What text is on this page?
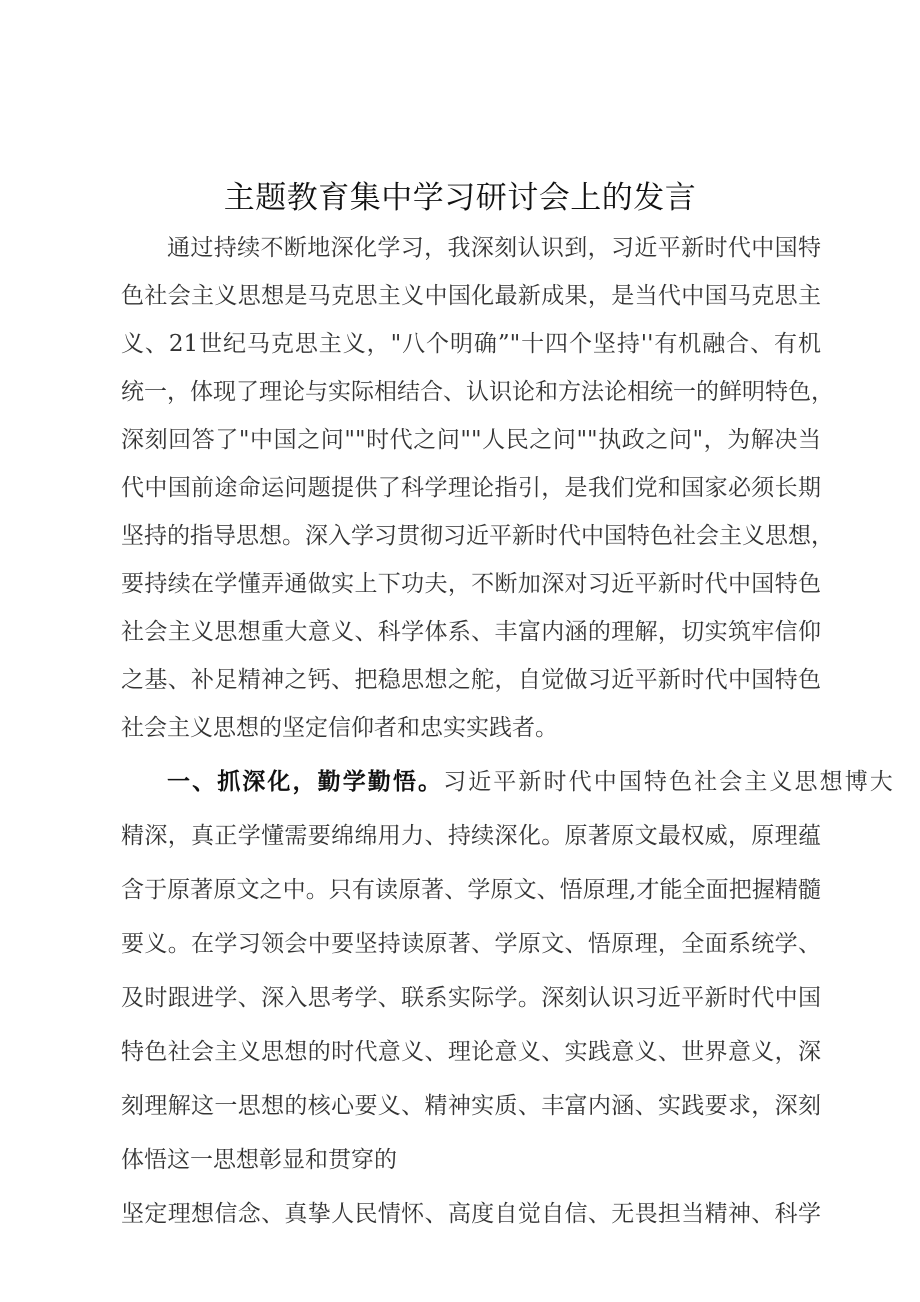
主题教育集中学习研讨会上的发言
通过持续不断地深化学习，我深刻认识到，习近平新时代中国特
色社会主义思想是马克思主义中国化最新成果，是当代中国马克思主
义、21世纪马克思主义，"八个明确”"十四个坚持''有机融合、有机
统一，体现了理论与实际相结合、认识论和方法论相统一的鲜明特色，
深刻回答了"中国之问""时代之问""人民之问""执政之问"，为解决当
代中国前途命运问题提供了科学理论指引，是我们党和国家必须长期
坚持的指导思想。深入学习贯彻习近平新时代中国特色社会主义思想，
要持续在学懂弄通做实上下功夫，不断加深对习近平新时代中国特色
社会主义思想重大意义、科学体系、丰富内涵的理解，切实筑牢信仰
之基、补足精神之钙、把稳思想之舵，自觉做习近平新时代中国特色
社会主义思想的坚定信仰者和忠实实践者。
一、抓深化，勤学勤悟。习近平新时代中国特色社会主义思想博大
精深，真正学懂需要绵绵用力、持续深化。原著原文最权威，原理蕴
含于原著原文之中。只有读原著、学原文、悟原理,才能全面把握精髓
要义。在学习领会中要坚持读原著、学原文、悟原理，全面系统学、
及时跟进学、深入思考学、联系实际学。深刻认识习近平新时代中国
特色社会主义思想的时代意义、理论意义、实践意义、世界意义，深
刻理解这一思想的核心要义、精神实质、丰富内涵、实践要求，深刻
体悟这一思想彰显和贯穿的
坚定理想信念、真挚人民情怀、高度自觉自信、无畏担当精神、科学
